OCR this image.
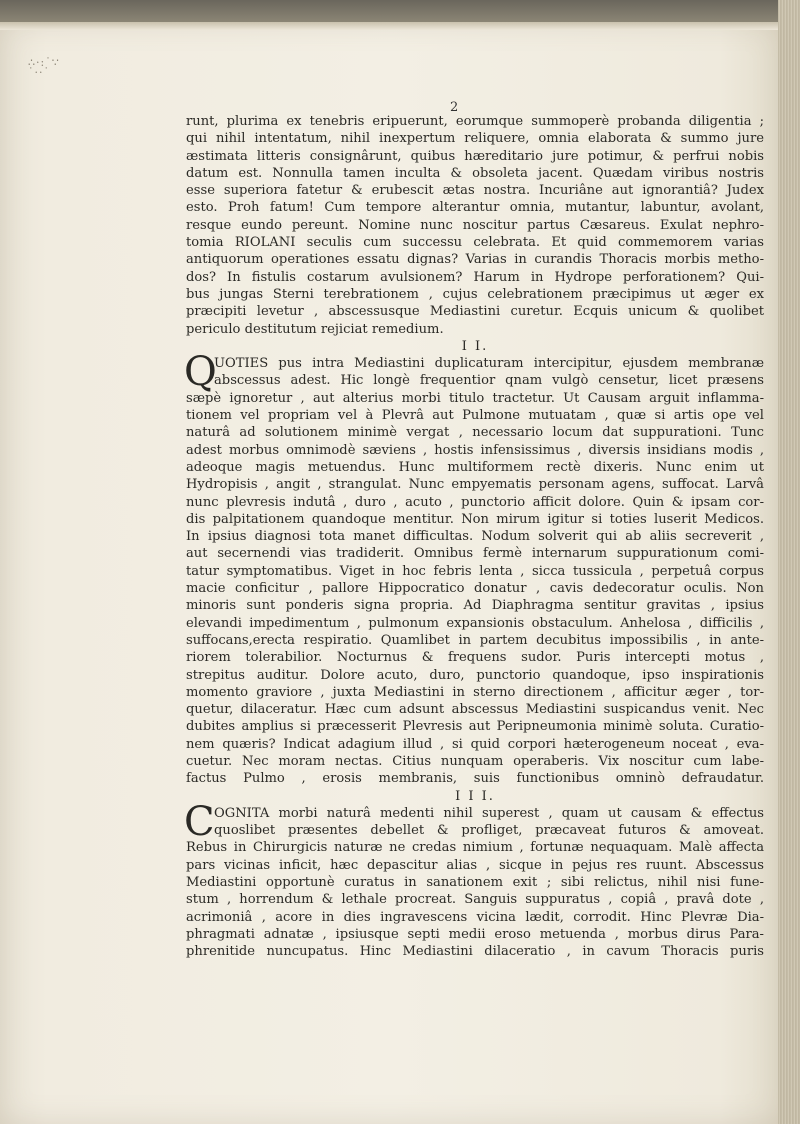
∴·:˙∵
˙··˙
2
runt, plurima ex tenebris eripuerunt, eorumque summoperè probanda diligentia ;
qui nihil intentatum, nihil inexpertum reliquere, omnia elaborata & summo jure
æstimata litteris consignârunt, quibus hæreditario jure potimur, & perfrui nobis
datum est. Nonnulla tamen inculta & obsoleta jacent. Quædam viribus nostris
esse superiora fatetur & erubescit ætas nostra. Incuriâne aut ignorantiâ? Judex
esto. Proh fatum! Cum tempore alterantur omnia, mutantur, labuntur, avolant,
resque eundo pereunt. Nomine nunc noscitur partus Cæsareus. Exulat nephro-
tomia RIOLANI seculis cum successu celebrata. Et quid commemorem varias
antiquorum operationes essatu dignas? Varias in curandis Thoracis morbis metho-
dos? In fistulis costarum avulsionem? Harum in Hydrope perforationem? Qui-
bus jungas Sterni terebrationem , cujus celebrationem præcipimus ut æger ex
præcipiti levetur , abscessusque Mediastini curetur. Ecquis unicum & quolibet
periculo destitutum rejiciat remedium.
I I.
Q
UOTIES pus intra Mediastini duplicaturam intercipitur, ejusdem membranæ
abscessus adest. Hic longè frequentior qnam vulgò censetur, licet præsens
sæpè ignoretur , aut alterius morbi titulo tractetur. Ut Causam arguit inflamma-
tionem vel propriam vel à Plevrâ aut Pulmone mutuatam , quæ si artis ope vel
naturâ ad solutionem minimè vergat , necessario locum dat suppurationi. Tunc
adest morbus omnimodè sæviens , hostis infensissimus , diversis insidians modis ,
adeoque magis metuendus. Hunc multiformem rectè dixeris. Nunc enim ut
Hydropisis , angit , strangulat. Nunc empyematis personam agens, suffocat. Larvâ
nunc plevresis indutâ , duro , acuto , punctorio afficit dolore. Quin & ipsam cor-
dis palpitationem quandoque mentitur. Non mirum igitur si toties luserit Medicos.
In ipsius diagnosi tota manet difficultas. Nodum solverit qui ab aliis secreverit ,
aut secernendi vias tradiderit. Omnibus fermè internarum suppurationum comi-
tatur symptomatibus. Viget in hoc febris lenta , sicca tussicula , perpetuâ corpus
macie conficitur , pallore Hippocratico donatur , cavis dedecoratur oculis. Non
minoris sunt ponderis signa propria. Ad Diaphragma sentitur gravitas , ipsius
elevandi impedimentum , pulmonum expansionis obstaculum. Anhelosa , difficilis ,
suffocans,erecta respiratio. Quamlibet in partem decubitus impossibilis , in ante-
riorem tolerabilior. Nocturnus & frequens sudor. Puris intercepti motus ,
strepitus auditur. Dolore acuto, duro, punctorio quandoque, ipso inspirationis
momento graviore , juxta Mediastini in sterno directionem , afficitur æger , tor-
quetur, dilaceratur. Hæc cum adsunt abscessus Mediastini suspicandus venit. Nec
dubites amplius si præcesserit Plevresis aut Peripneumonia minimè soluta. Curatio-
nem quæris? Indicat adagium illud , si quid corpori hæterogeneum noceat , eva-
cuetur. Nec moram nectas. Citius nunquam operaberis. Vix noscitur cum labe-
factus Pulmo , erosis membranis, suis functionibus omninò defraudatur.
I I I.
C OGNITA morbi naturâ medenti nihil superest , quam ut causam & effectus
quoslibet præsentes debellet & profliget, præcaveat futuros & amoveat.
Rebus in Chirurgicis naturæ ne credas nimium , fortunæ nequaquam. Malè affecta
pars vicinas inficit, hæc depascitur alias , sicque in pejus res ruunt. Abscessus
Mediastini opportunè curatus in sanationem exit ; sibi relictus, nihil nisi fune-
stum , horrendum & lethale procreat. Sanguis suppuratus , copiâ , pravâ dote ,
acrimoniâ , acore in dies ingravescens vicina lædit, corrodit. Hinc Plevræ Dia-
phragmati adnatæ , ipsiusque septi medii eroso metuenda , morbus dirus Para-
phrenitide nuncupatus. Hinc Mediastini dilaceratio , in cavum Thoracis puris
